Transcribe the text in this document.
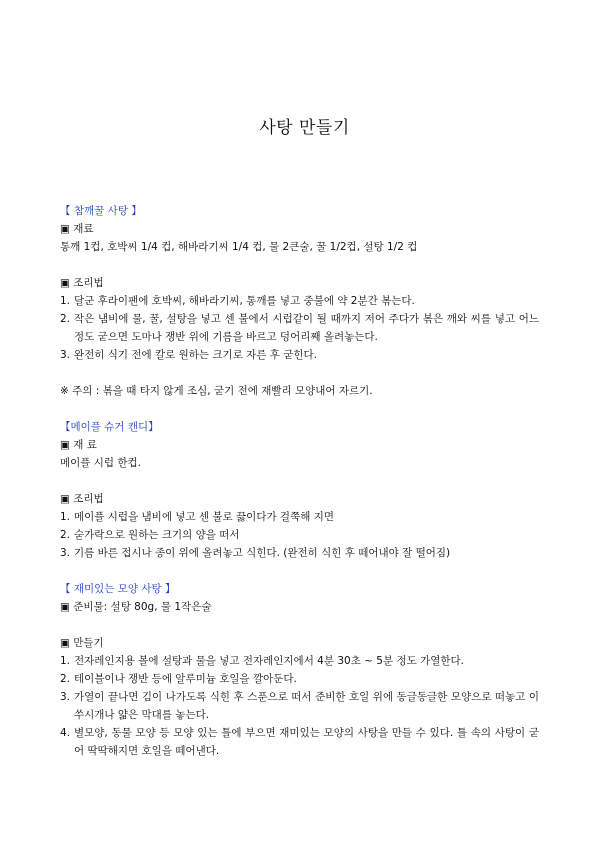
사탕 만들기
【 참깨꿀 사탕 】
▣ 재료
통깨 1컵, 호박씨 1/4 컵, 해바라기씨 1/4 컵, 물 2큰술, 꿀 1/2컵, 설탕 1/2 컵
▣ 조리법
1. 달군 후라이팬에 호박씨, 해바라기씨, 통깨를 넣고 중불에 약 2분간 볶는다.
2. 작은 냄비에 물, 꿀, 설탕을 넣고 센 불에서 시럽같이 될 때까지 저어 주다가 볶은 깨와 씨를 넣고 어느 정도 굳으면 도마나 쟁반 위에 기름을 바르고 덩어리째 올려놓는다.
3. 완전히 식기 전에 칼로 원하는 크기로 자른 후 굳힌다.
※ 주의 : 볶을 때 타지 않게 조심, 굳기 전에 재빨리 모양내어 자르기.
【메이플 슈거 캔디】
▣ 재 료
메이플 시럽 한컵.
▣ 조리법
1. 메이플 시럽을 냄비에 넣고 센 불로 끓이다가 걸쭉해 지면
2. 숟가락으로 원하는 크기의 양을 떠서
3. 기름 바른 접시나 종이 위에 올려놓고 식힌다. (완전히 식힌 후 떼어내야 잘 떨어짐)
【 재미있는 모양 사탕 】
▣ 준비물: 설탕 80g, 물 1작은술
▣ 만들기
1. 전자레인지용 볼에 설탕과 물을 넣고 전자레인지에서 4분 30초 ~ 5분 정도 가열한다.
2. 테이블이나 쟁반 등에 알루미늄 호일을 깔아둔다.
3. 가열이 끝나면 김이 나가도록 식힌 후 스푼으로 떠서 준비한 호일 위에 동글동글한 모양으로 떠놓고 이쑤시개나 얇은 막대를 놓는다.
4. 별모양, 동물 모양 등 모양 있는 틀에 부으면 재미있는 모양의 사탕을 만들 수 있다. 틀 속의 사탕이 굳어 딱딱해지면 호일을 떼어낸다.
